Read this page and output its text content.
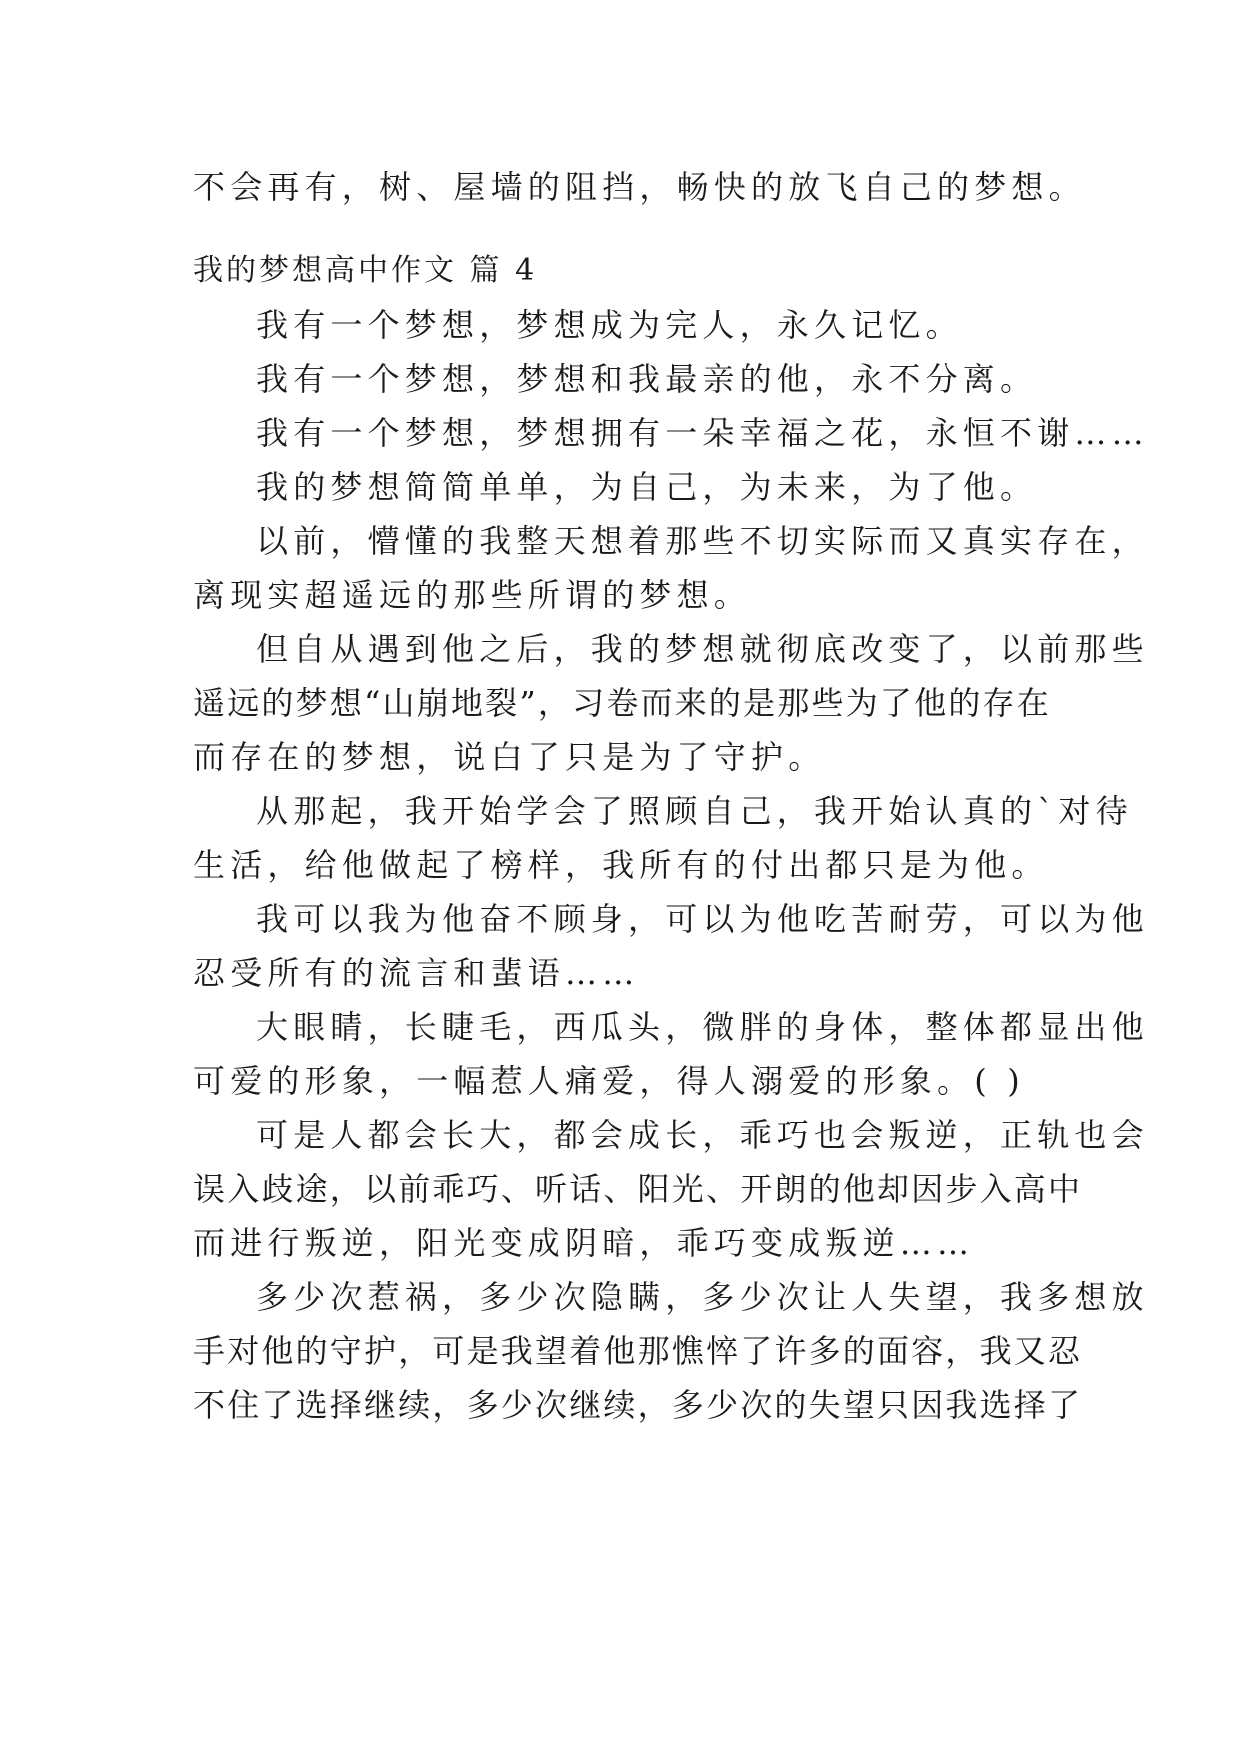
不会再有，树、屋墙的阻挡，畅快的放飞自己的梦想。
我的梦想高中作文 篇 4
我有一个梦想，梦想成为完人，永久记忆。
我有一个梦想，梦想和我最亲的他，永不分离。
我有一个梦想，梦想拥有一朵幸福之花，永恒不谢……
我的梦想简简单单，为自己，为未来，为了他。
以前，懵懂的我整天想着那些不切实际而又真实存在，
离现实超遥远的那些所谓的梦想。
但自从遇到他之后，我的梦想就彻底改变了，以前那些
遥远的梦想“山崩地裂”，习卷而来的是那些为了他的存在
而存在的梦想，说白了只是为了守护。
从那起，我开始学会了照顾自己，我开始认真的`对待
生活，给他做起了榜样，我所有的付出都只是为他。
我可以我为他奋不顾身，可以为他吃苦耐劳，可以为他
忍受所有的流言和蜚语……
大眼睛，长睫毛，西瓜头，微胖的身体，整体都显出他
可爱的形象，一幅惹人痛爱，得人溺爱的形象。( )
可是人都会长大，都会成长，乖巧也会叛逆，正轨也会
误入歧途，以前乖巧、听话、阳光、开朗的他却因步入高中
而进行叛逆，阳光变成阴暗，乖巧变成叛逆……
多少次惹祸，多少次隐瞒，多少次让人失望，我多想放
手对他的守护，可是我望着他那憔悴了许多的面容，我又忍
不住了选择继续，多少次继续，多少次的失望只因我选择了
